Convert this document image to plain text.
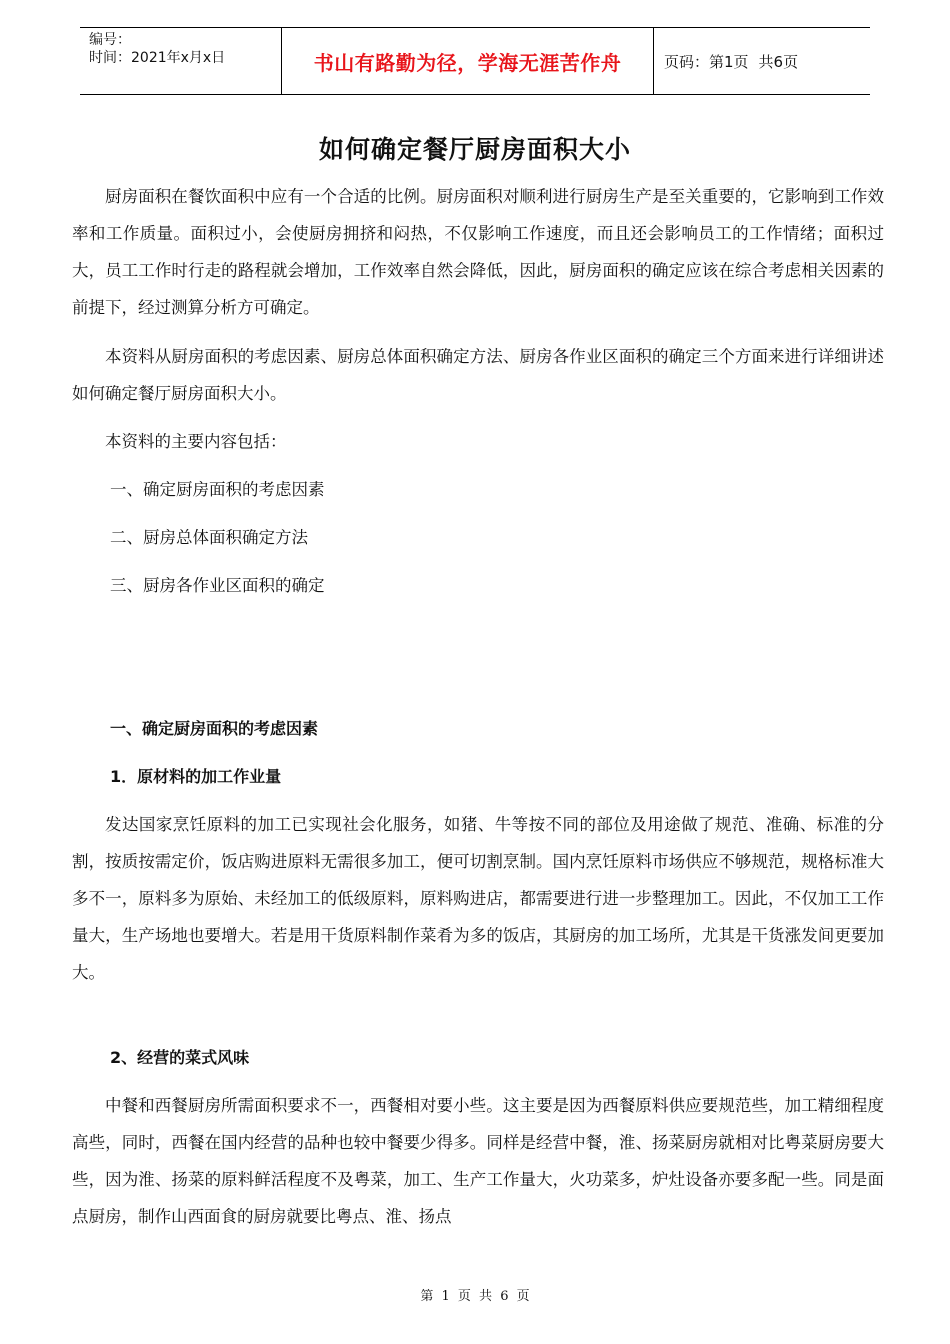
编号：
时间：2021年x月x日	书山有路勤为径，学海无涯苦作舟	页码：第1页 共6页
如何确定餐厅厨房面积大小

厨房面积在餐饮面积中应有一个合适的比例。厨房面积对顺利进行厨房生产是至关重要的，它影响到工作效率和工作质量。面积过小，会使厨房拥挤和闷热，不仅影响工作速度，而且还会影响员工的工作情绪；面积过大，员工工作时行走的路程就会增加，工作效率自然会降低，因此，厨房面积的确定应该在综合考虑相关因素的前提下，经过测算分析方可确定。

本资料从厨房面积的考虑因素、厨房总体面积确定方法、厨房各作业区面积的确定三个方面来进行详细讲述如何确定餐厅厨房面积大小。

本资料的主要内容包括：

一、确定厨房面积的考虑因素
二、厨房总体面积确定方法
三、厨房各作业区面积的确定
一、确定厨房面积的考虑因素
1．原材料的加工作业量

发达国家烹饪原料的加工已实现社会化服务，如猪、牛等按不同的部位及用途做了规范、准确、标准的分割，按质按需定价，饭店购进原料无需很多加工，便可切割烹制。国内烹饪原料市场供应不够规范，规格标准大多不一，原料多为原始、未经加工的低级原料，原料购进店，都需要进行进一步整理加工。因此，不仅加工工作量大，生产场地也要增大。若是用干货原料制作菜肴为多的饭店，其厨房的加工场所，尤其是干货涨发间更要加大。

2、经营的菜式风味

中餐和西餐厨房所需面积要求不一，西餐相对要小些。这主要是因为西餐原料供应要规范些，加工精细程度高些，同时，西餐在国内经营的品种也较中餐要少得多。同样是经营中餐，淮、扬菜厨房就相对比粤菜厨房要大些，因为淮、扬菜的原料鲜活程度不及粤菜，加工、生产工作量大，火功菜多，炉灶设备亦要多配一些。同是面点厨房，制作山西面食的厨房就要比粤点、淮、扬点

第 1 页 共 6 页
